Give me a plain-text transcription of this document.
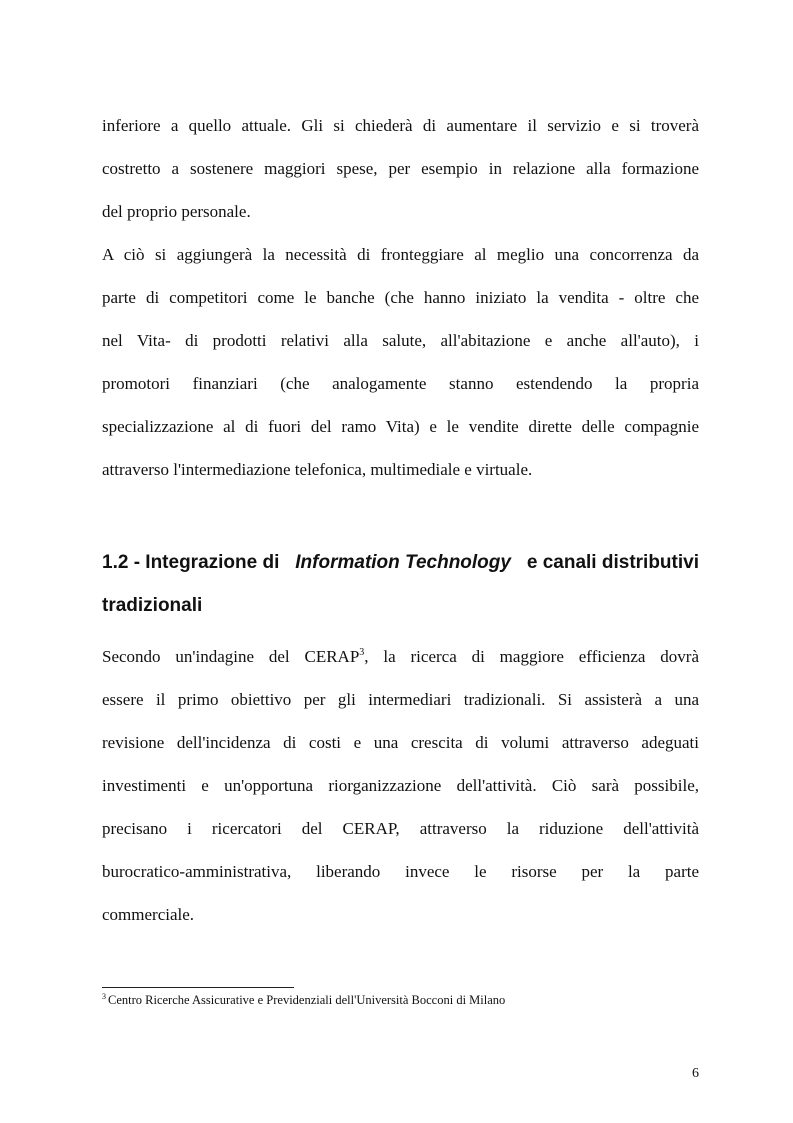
inferiore a quello attuale. Gli si chiederà di aumentare il servizio e si troverà
costretto a sostenere maggiori spese, per esempio in relazione alla formazione
del proprio personale.
A ciò si aggiungerà la necessità di fronteggiare al meglio una concorrenza da
parte di competitori come le banche (che hanno iniziato la vendita - oltre che
nel Vita- di prodotti relativi alla salute, all'abitazione e anche all'auto), i
promotori finanziari (che analogamente stanno estendendo la propria
specializzazione al di fuori del ramo Vita) e le vendite dirette delle compagnie
attraverso l'intermediazione telefonica, multimediale e virtuale.
1.2 - Integrazione di Information Technology e canali distributivi
tradizionali
Secondo un'indagine del CERAP$^3$, la ricerca di maggiore efficienza dovrà
essere il primo obiettivo per gli intermediari tradizionali. Si assisterà a una
revisione dell'incidenza di costi e una crescita di volumi attraverso adeguati
investimenti e un'opportuna riorganizzazione dell'attività. Ciò sarà possibile,
precisano i ricercatori del CERAP, attraverso la riduzione dell'attività
burocratico-amministrativa, liberando invece le risorse per la parte
commerciale.
$^3$ Centro Ricerche Assicurative e Previdenziali dell'Università Bocconi di Milano
6
